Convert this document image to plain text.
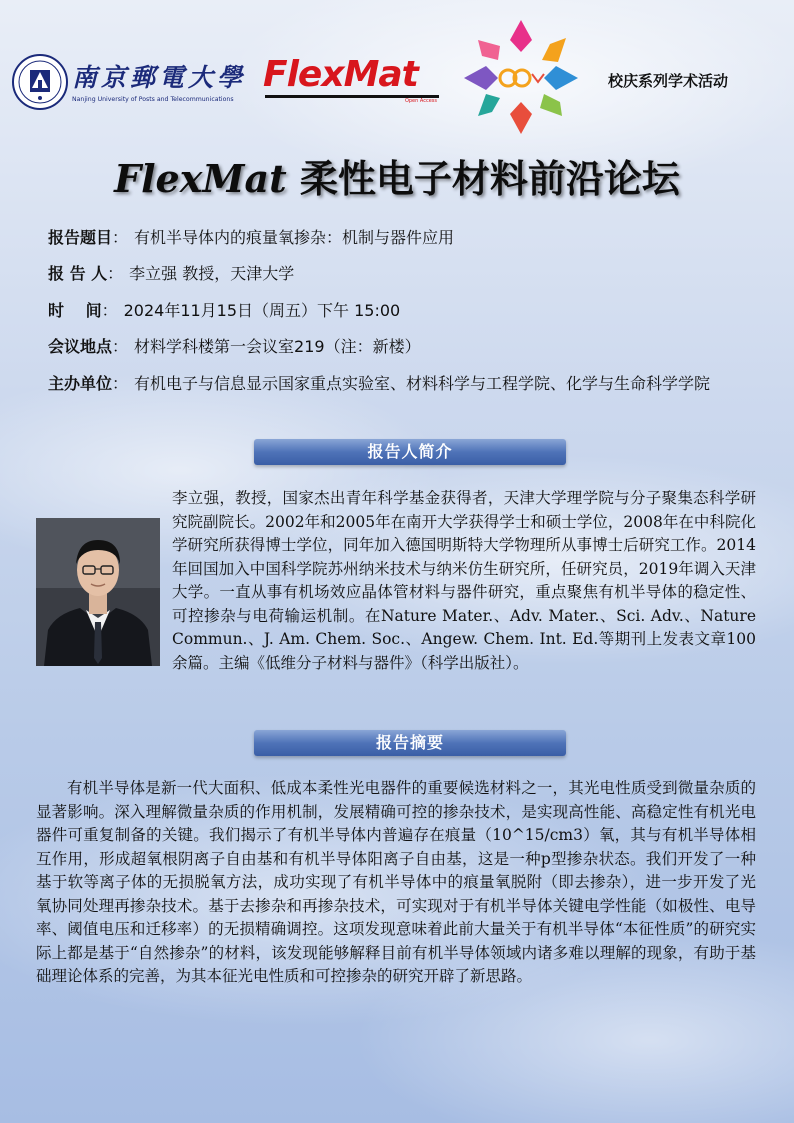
南京郵電大學
Nanjing University of Posts and Telecommunications
FlexMat
Open Access
校庆系列学术活动
FlexMat 柔性电子材料前沿论坛
报告题目： 有机半导体内的痕量氧掺杂：机制与器件应用
报 告 人： 李立强 教授，天津大学
时　 间： 2024年11月15日（周五）下午 15:00
会议地点： 材料学科楼第一会议室219（注：新楼）
主办单位： 有机电子与信息显示国家重点实验室、材料科学与工程学院、化学与生命科学学院
报告人简介
李立强，教授，国家杰出青年科学基金获得者，天津大学理学院与分子聚集态科学研究院副院长。2002年和2005年在南开大学获得学士和硕士学位，2008年在中科院化学研究所获得博士学位，同年加入德国明斯特大学物理所从事博士后研究工作。2014年回国加入中国科学院苏州纳米技术与纳米仿生研究所，任研究员，2019年调入天津大学。一直从事有机场效应晶体管材料与器件研究，重点聚焦有机半导体的稳定性、可控掺杂与电荷输运机制。在Nature Mater.、Adv. Mater.、Sci. Adv.、Nature Commun.、J. Am. Chem. Soc.、Angew. Chem. Int. Ed.等期刊上发表文章100余篇。主编《低维分子材料与器件》（科学出版社）。
报告摘要
有机半导体是新一代大面积、低成本柔性光电器件的重要候选材料之一，其光电性质受到微量杂质的显著影响。深入理解微量杂质的作用机制，发展精确可控的掺杂技术，是实现高性能、高稳定性有机光电器件可重复制备的关键。我们揭示了有机半导体内普遍存在痕量（10^15/cm3）氧，其与有机半导体相互作用，形成超氧根阴离子自由基和有机半导体阳离子自由基，这是一种p型掺杂状态。我们开发了一种基于软等离子体的无损脱氧方法，成功实现了有机半导体中的痕量氧脱附（即去掺杂），进一步开发了光氧协同处理再掺杂技术。基于去掺杂和再掺杂技术，可实现对于有机半导体关键电学性能（如极性、电导率、阈值电压和迁移率）的无损精确调控。这项发现意味着此前大量关于有机半导体“本征性质”的研究实际上都是基于“自然掺杂”的材料，该发现能够解释目前有机半导体领域内诸多难以理解的现象，有助于基础理论体系的完善，为其本征光电性质和可控掺杂的研究开辟了新思路。
